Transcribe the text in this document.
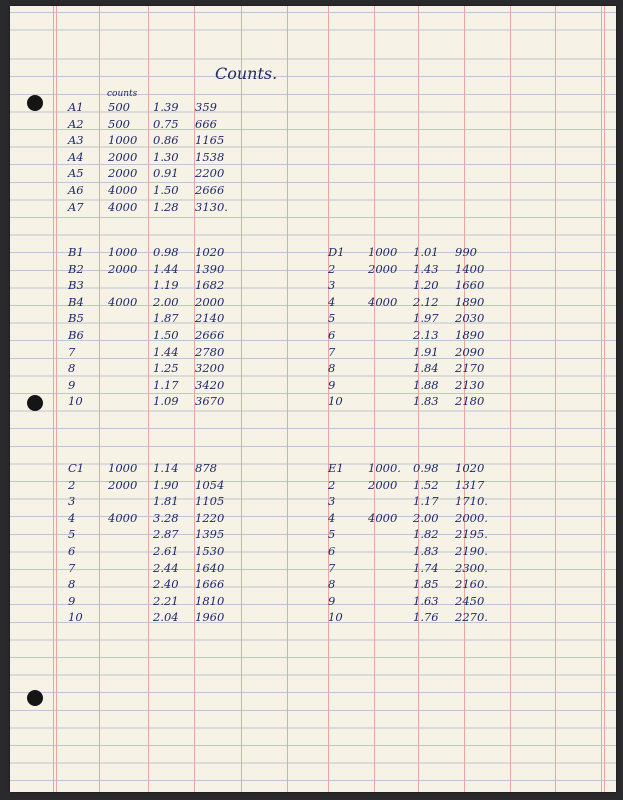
Counts.
counts
A1 500 1.39 359
A2 500 0.75 666
A3 1000 0.86 1165
A4 2000 1.30 1538
A5 2000 0.91 2200
A6 4000 1.50 2666
A7 4000 1.28 3130.
B1 1000 0.98 1020
B2 2000 1.44 1390
B3	1.19 1682
B4 4000 2.00 2000
B5	1.87 2140
B6	1.50 2666
7	1.44 2780
8	1.25 3200
9	1.17 3420
10	1.09 3670
D1 1000 1.01 990
2	2000 1.43 1400
3	1.20 1660
4	4000 2.12 1890
5	1.97 2030
6	2.13 1890
7	1.91 2090
8	1.84 2170
9	1.88 2130
10	1.83 2180
C1 1000 1.14 878
2	2000 1.90 1054
3	1.81 1105
4	4000 3.28 1220
5	2.87 1395
6	2.61 1530
7	2.44 1640
8	2.40 1666
9	2.21 1810
10	2.04 1960
E1 1000. 0.98 1020
2	2000 1.52 1317
3	1.17 1710.
4	4000 2.00 2000.
5	1.82 2195.
6	1.83 2190.
7	1.74 2300.
8	1.85 2160.
9	1.63 2450
10	1.76 2270.
